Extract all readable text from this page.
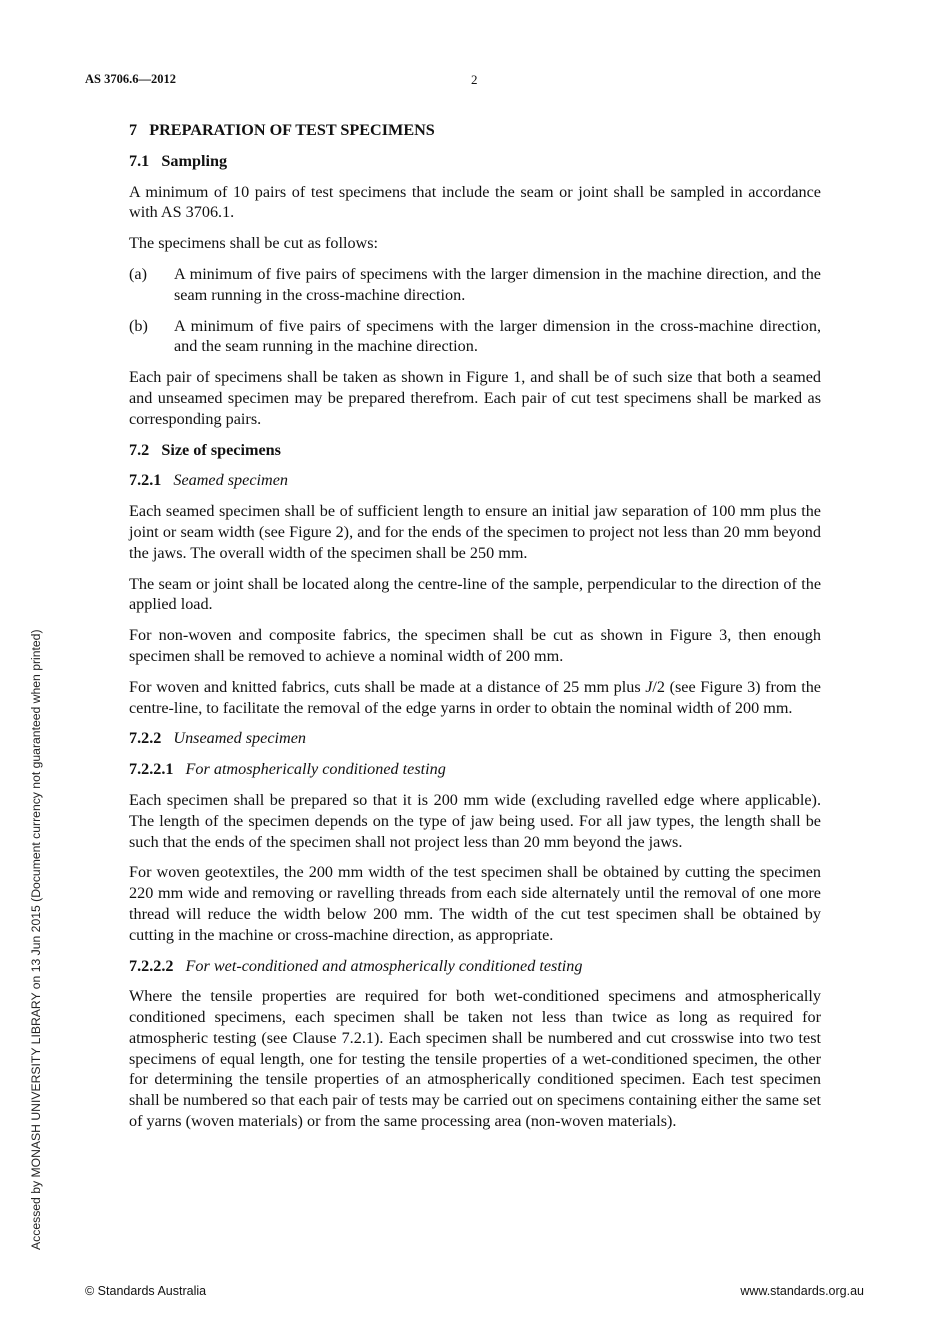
AS 3706.6—2012	2
Accessed by MONASH UNIVERSITY LIBRARY on 13 Jun 2015 (Document currency not guaranteed when printed)
7   PREPARATION OF TEST SPECIMENS
7.1   Sampling
A minimum of 10 pairs of test specimens that include the seam or joint shall be sampled in accordance with AS 3706.1.
The specimens shall be cut as follows:
(a)	A minimum of five pairs of specimens with the larger dimension in the machine direction, and the seam running in the cross-machine direction.
(b)	A minimum of five pairs of specimens with the larger dimension in the cross-machine direction, and the seam running in the machine direction.
Each pair of specimens shall be taken as shown in Figure 1, and shall be of such size that both a seamed and unseamed specimen may be prepared therefrom. Each pair of cut test specimens shall be marked as corresponding pairs.
7.2   Size of specimens
7.2.1 Seamed specimen
Each seamed specimen shall be of sufficient length to ensure an initial jaw separation of 100 mm plus the joint or seam width (see Figure 2), and for the ends of the specimen to project not less than 20 mm beyond the jaws. The overall width of the specimen shall be 250 mm.
The seam or joint shall be located along the centre-line of the sample, perpendicular to the direction of the applied load.
For non-woven and composite fabrics, the specimen shall be cut as shown in Figure 3, then enough specimen shall be removed to achieve a nominal width of 200 mm.
For woven and knitted fabrics, cuts shall be made at a distance of 25 mm plus J/2 (see Figure 3) from the centre-line, to facilitate the removal of the edge yarns in order to obtain the nominal width of 200 mm.
7.2.2 Unseamed specimen
7.2.2.1 For atmospherically conditioned testing
Each specimen shall be prepared so that it is 200 mm wide (excluding ravelled edge where applicable). The length of the specimen depends on the type of jaw being used. For all jaw types, the length shall be such that the ends of the specimen shall not project less than 20 mm beyond the jaws.
For woven geotextiles, the 200 mm width of the test specimen shall be obtained by cutting the specimen 220 mm wide and removing or ravelling threads from each side alternately until the removal of one more thread will reduce the width below 200 mm. The width of the cut test specimen shall be obtained by cutting in the machine or cross-machine direction, as appropriate.
7.2.2.2 For wet-conditioned and atmospherically conditioned testing
Where the tensile properties are required for both wet-conditioned specimens and atmospherically conditioned specimens, each specimen shall be taken not less than twice as long as required for atmospheric testing (see Clause 7.2.1). Each specimen shall be numbered and cut crosswise into two test specimens of equal length, one for testing the tensile properties of a wet-conditioned specimen, the other for determining the tensile properties of an atmospherically conditioned specimen. Each test specimen shall be numbered so that each pair of tests may be carried out on specimens containing either the same set of yarns (woven materials) or from the same processing area (non-woven materials).
© Standards Australia	www.standards.org.au
